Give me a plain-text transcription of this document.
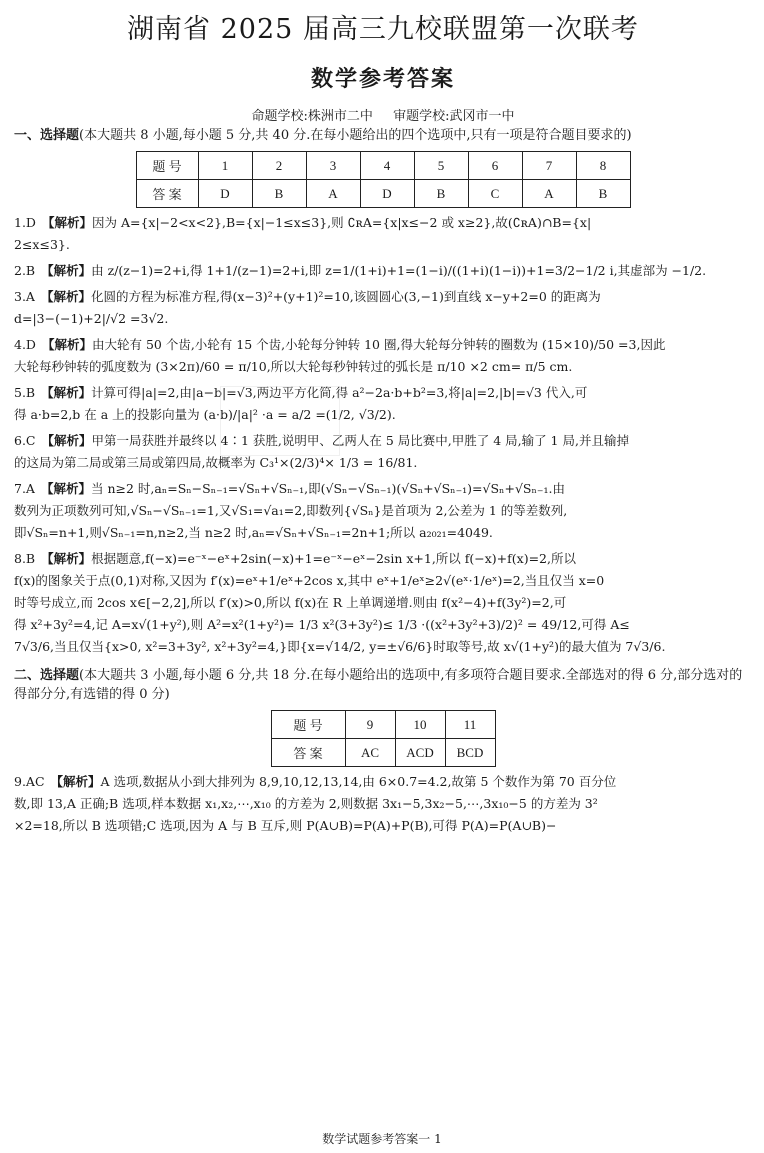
湖南省 2025 届高三九校联盟第一次联考
数学参考答案
命题学校:株洲市二中 审题学校:武冈市一中
一、选择题(本大题共 8 小题,每小题 5 分,共 40 分.在每小题给出的四个选项中,只有一项是符合题目要求的)
题 号	1	2	3	4	5	6	7	8
答 案	D	B	A	D	B	C	A	B
1.D 【解析】因为 A={x|−2<x<2},B={x|−1≤x≤3},则 ∁ʀA={x|x≤−2 或 x≥2},故(∁ʀA)∩B={x|
2≤x≤3}.
2.B 【解析】由 z/(z−1)=2+i,得 1+1/(z−1)=2+i,即 z=1/(1+i)+1=(1−i)/((1+i)(1−i))+1=3/2−1/2 i,其虚部为 −1/2.
3.A 【解析】化圆的方程为标准方程,得(x−3)²+(y+1)²=10,该圆圆心(3,−1)到直线 x−y+2=0 的距离为
d=|3−(−1)+2|/√2 =3√2.
4.D 【解析】由大轮有 50 个齿,小轮有 15 个齿,小轮每分钟转 10 圈,得大轮每分钟转的圈数为 (15×10)/50 =3,因此
大轮每秒钟转的弧度数为 (3×2π)/60 = π/10,所以大轮每秒钟转过的弧长是 π/10 ×2 cm= π/5 cm.
5.B 【解析】计算可得|a|=2,由|a−b|=√3,两边平方化简,得 a²−2a·b+b²=3,将|a|=2,|b|=√3 代入,可
得 a·b=2,b 在 a 上的投影向量为 (a·b)/|a|² ·a = a/2 =(1/2, √3/2).
6.C 【解析】甲第一局获胜并最终以 4∶1 获胜,说明甲、乙两人在 5 局比赛中,甲胜了 4 局,输了 1 局,并且输掉
的这局为第二局或第三局或第四局,故概率为 C₃¹×(2/3)⁴× 1/3 = 16/81.
7.A 【解析】当 n≥2 时,aₙ=Sₙ−Sₙ₋₁=√Sₙ+√Sₙ₋₁,即(√Sₙ−√Sₙ₋₁)(√Sₙ+√Sₙ₋₁)=√Sₙ+√Sₙ₋₁.由
数列为正项数列可知,√Sₙ−√Sₙ₋₁=1,又√S₁=√a₁=2,即数列{√Sₙ}是首项为 2,公差为 1 的等差数列,
即√Sₙ=n+1,则√Sₙ₋₁=n,n≥2,当 n≥2 时,aₙ=√Sₙ+√Sₙ₋₁=2n+1;所以 a₂₀₂₁=4049.
8.B 【解析】根据题意,f(−x)=e⁻ˣ−eˣ+2sin(−x)+1=e⁻ˣ−eˣ−2sin x+1,所以 f(−x)+f(x)=2,所以
f(x)的图象关于点(0,1)对称,又因为 f′(x)=eˣ+1/eˣ+2cos x,其中 eˣ+1/eˣ≥2√(eˣ·1/eˣ)=2,当且仅当 x=0
时等号成立,而 2cos x∈[−2,2],所以 f′(x)>0,所以 f(x)在 R 上单调递增.则由 f(x²−4)+f(3y²)=2,可
得 x²+3y²=4,记 A=x√(1+y²),则 A²=x²(1+y²)= 1/3 x²(3+3y²)≤ 1/3 ·((x²+3y²+3)/2)² = 49/12,可得 A≤
7√3/6,当且仅当{x>0, x²=3+3y², x²+3y²=4,}即{x=√14/2, y=±√6/6}时取等号,故 x√(1+y²)的最大值为 7√3/6.
二、选择题(本大题共 3 小题,每小题 6 分,共 18 分.在每小题给出的选项中,有多项符合题目要求.全部选对的得 6 分,部分选对的得部分分,有选错的得 0 分)
题 号	9	10	11
答 案	AC	ACD	BCD
9.AC 【解析】A 选项,数据从小到大排列为 8,9,10,12,13,14,由 6×0.7=4.2,故第 5 个数作为第 70 百分位
数,即 13,A 正确;B 选项,样本数据 x₁,x₂,⋯,x₁₀ 的方差为 2,则数据 3x₁−5,3x₂−5,⋯,3x₁₀−5 的方差为 3²
×2=18,所以 B 选项错;C 选项,因为 A 与 B 互斥,则 P(A∪B)=P(A)+P(B),可得 P(A)=P(A∪B)−
数学试题参考答案一 1
